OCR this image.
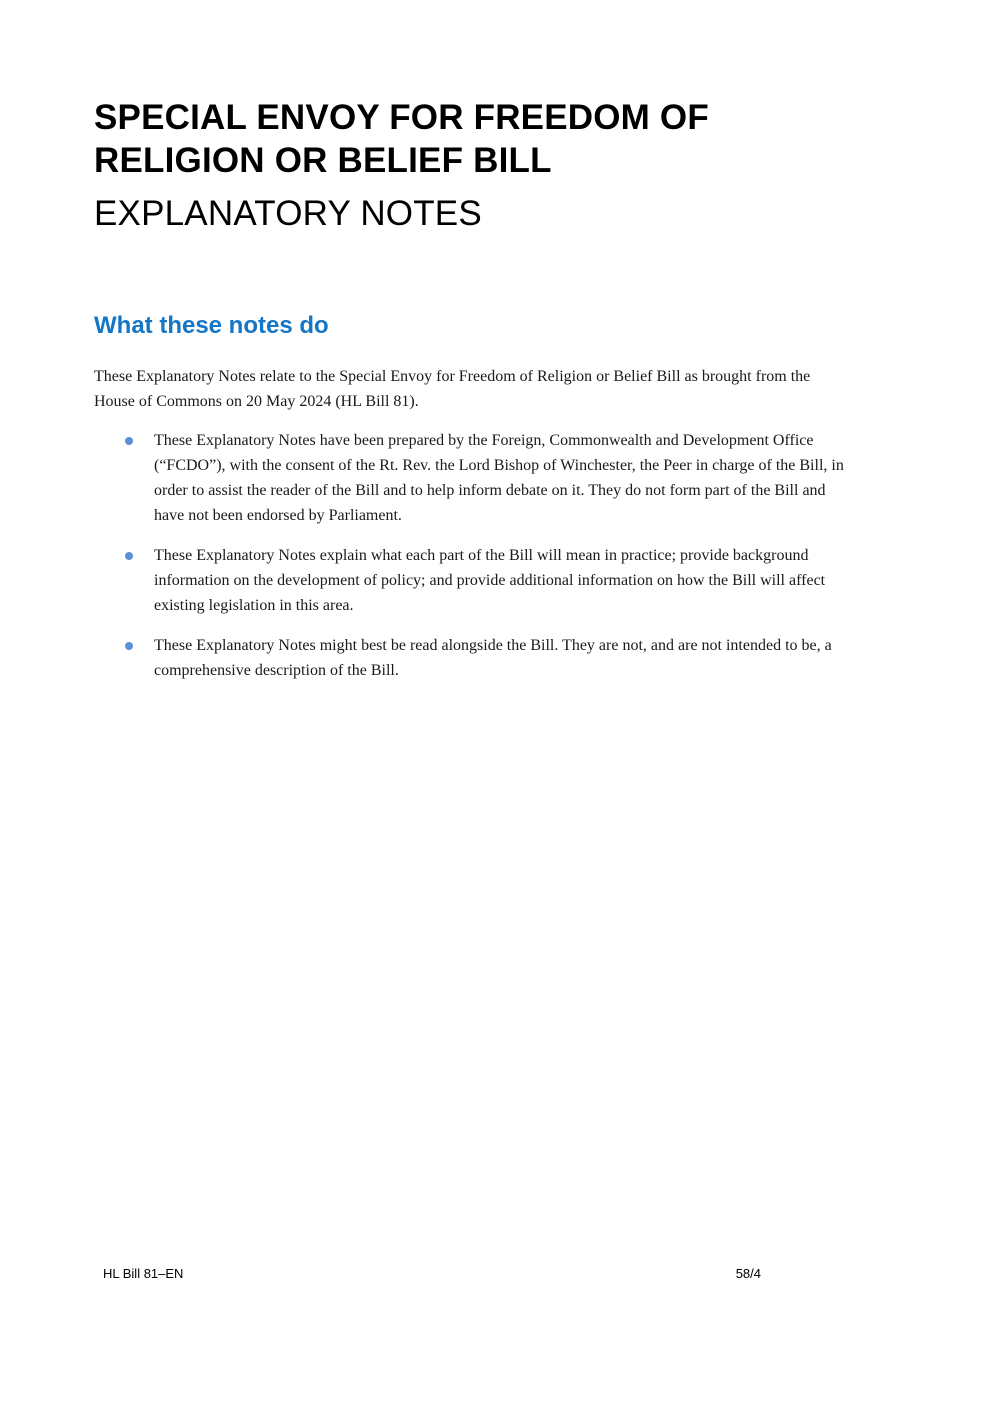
SPECIAL ENVOY FOR FREEDOM OF RELIGION OR BELIEF BILL
EXPLANATORY NOTES
What these notes do

These Explanatory Notes relate to the Special Envoy for Freedom of Religion or Belief Bill as brought from the House of Commons on 20 May 2024 (HL Bill 81).

These Explanatory Notes have been prepared by the Foreign, Commonwealth and Development Office (“FCDO”), with the consent of the Rt. Rev. the Lord Bishop of Winchester, the Peer in charge of the Bill, in order to assist the reader of the Bill and to help inform debate on it. They do not form part of the Bill and have not been endorsed by Parliament.
These Explanatory Notes explain what each part of the Bill will mean in practice; provide background information on the development of policy; and provide additional information on how the Bill will affect existing legislation in this area.
These Explanatory Notes might best be read alongside the Bill. They are not, and are not intended to be, a comprehensive description of the Bill.
HL Bill 81–EN	58/4
